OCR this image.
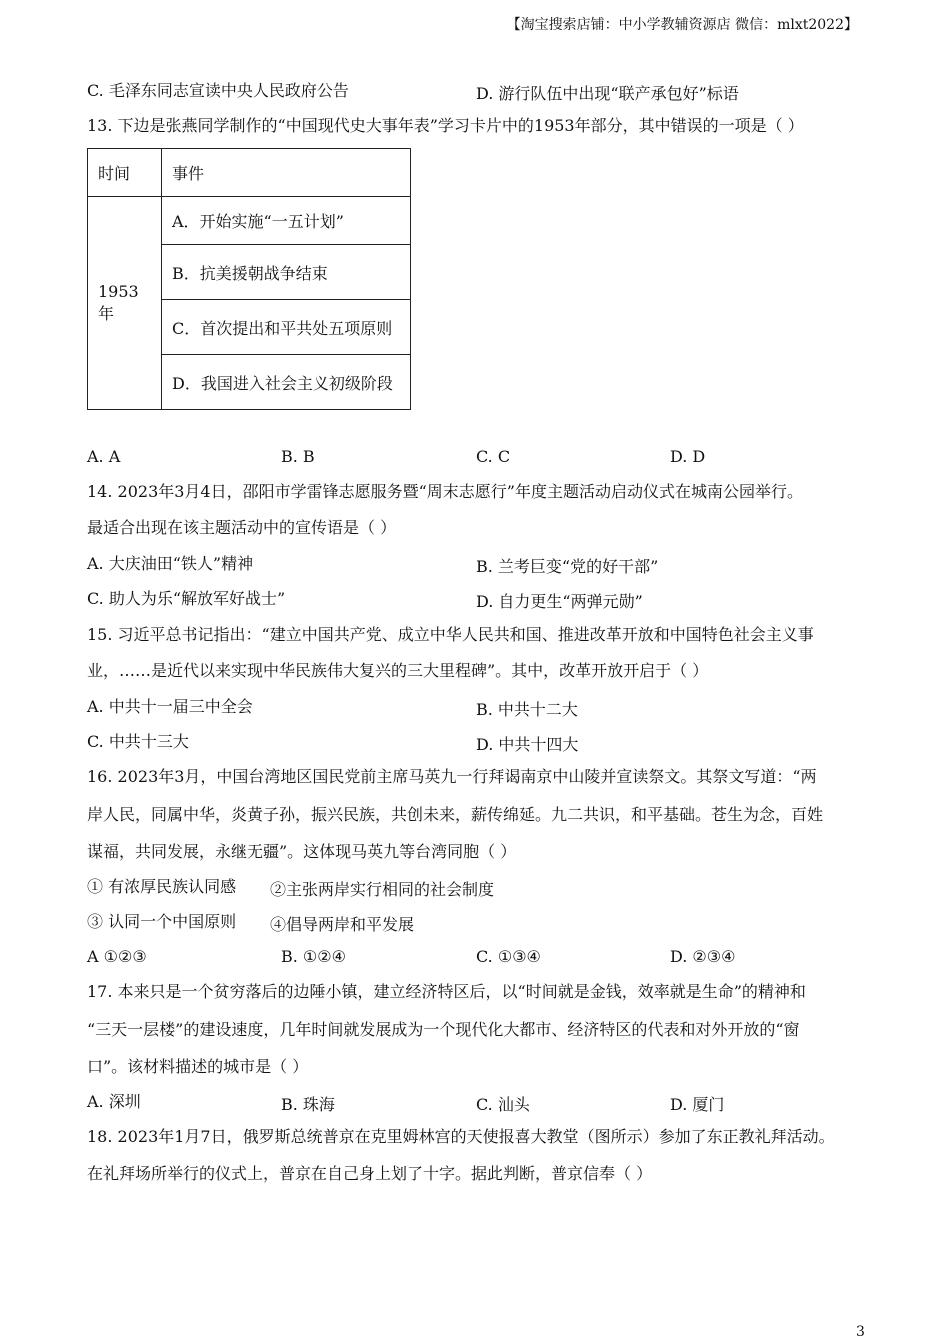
【淘宝搜索店铺：中小学教辅资源店 微信：mlxt2022】
C. 毛泽东同志宣读中央人民政府公告	D. 游行队伍中出现“联产承包好”标语
13. 下边是张燕同学制作的“中国现代史大事年表”学习卡片中的1953年部分，其中错误的一项是（ ）
时间	事件
1953 年	A．开始实施“一五计划”
	B．抗美援朝战争结束
	C．首次提出和平共处五项原则
	D．我国进入社会主义初级阶段
A. A	B. B	C. C	D. D
14. 2023年3月4日，邵阳市学雷锋志愿服务暨“周末志愿行”年度主题活动启动仪式在城南公园举行。
最适合出现在该主题活动中的宣传语是（ ）
A. 大庆油田“铁人”精神	B. 兰考巨变“党的好干部”
C. 助人为乐“解放军好战士”	D. 自力更生“两弹元勋”
15. 习近平总书记指出：“建立中国共产党、成立中华人民共和国、推进改革开放和中国特色社会主义事
业，……是近代以来实现中华民族伟大复兴的三大里程碑”。其中，改革开放开启于（ ）
A. 中共十一届三中全会	B. 中共十二大
C. 中共十三大	D. 中共十四大
16. 2023年3月，中国台湾地区国民党前主席马英九一行拜谒南京中山陵并宣读祭文。其祭文写道：“两
岸人民，同属中华，炎黄子孙，振兴民族，共创未来，薪传绵延。九二共识，和平基础。苍生为念，百姓
谋福，共同发展，永继无疆”。这体现马英九等台湾同胞（ ）
① 有浓厚民族认同感 ②主张两岸实行相同的社会制度
③ 认同一个中国原则 ④倡导两岸和平发展
A ①②③	B. ①②④	C. ①③④	D. ②③④
17. 本来只是一个贫穷落后的边陲小镇，建立经济特区后，以“时间就是金钱，效率就是生命”的精神和
“三天一层楼”的建设速度，几年时间就发展成为一个现代化大都市、经济特区的代表和对外开放的“窗
口”。该材料描述的城市是（ ）
A. 深圳	B. 珠海	C. 汕头	D. 厦门
18. 2023年1月7日，俄罗斯总统普京在克里姆林宫的天使报喜大教堂（图所示）参加了东正教礼拜活动。
在礼拜场所举行的仪式上，普京在自己身上划了十字。据此判断，普京信奉（ ）
3
